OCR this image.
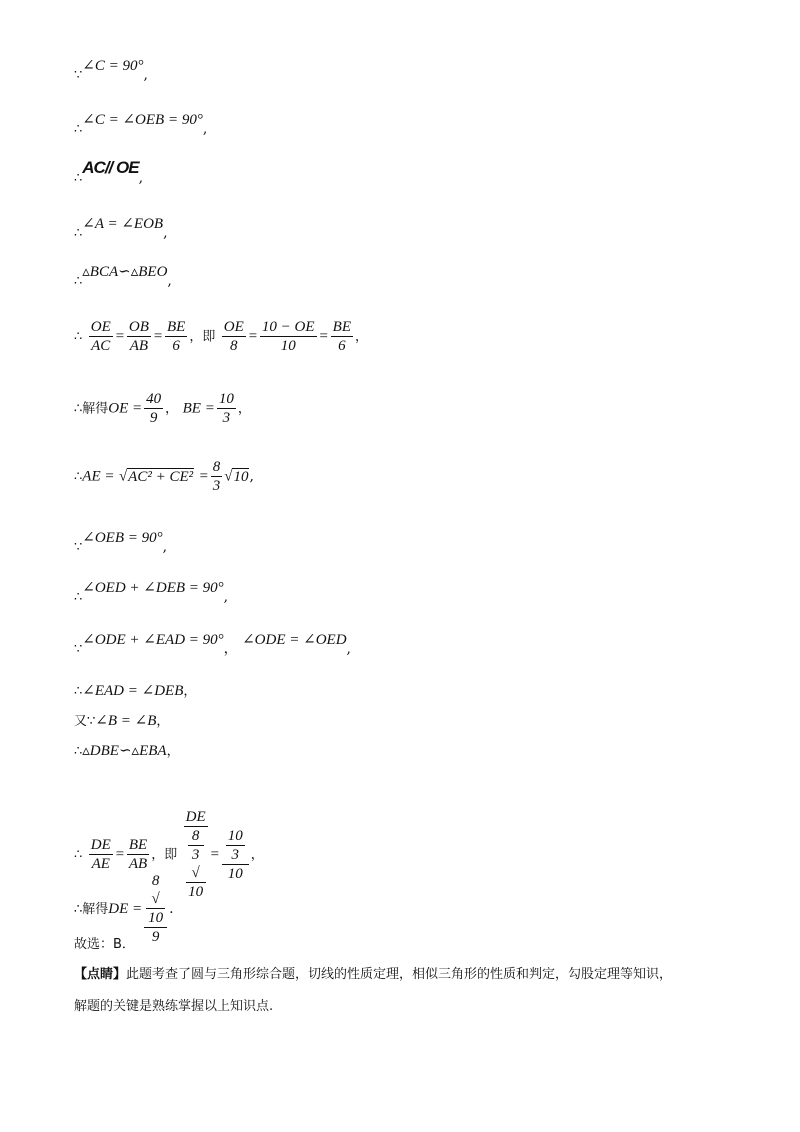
∵∠C = 90°,
∴∠C = ∠OEB = 90°,
∴AC// OE,
∴∠A = ∠EOB,
∴▵BCA∽▵BEO,
∴ $\frac{OE}{AC} = \frac{OB}{AB} = \frac{BE}{6}$ ，即 $\frac{OE}{8} = \frac{10 - OE}{10} = \frac{BE}{6}$ ，
∴解得OE = $\frac{40}{9}$ ， BE = $\frac{10}{3}$ ，
∴AE = $√AC^2 + CE^2 = \frac{8}{3} √10$,
∵∠OEB = 90°,
∴∠OED + ∠DEB = 90°,
∵∠ODE + ∠EAD = 90°， ∠ODE = ∠OED,
∴∠EAD = ∠DEB，
又∵∠B = ∠B，
∴▵DBE∽▵EBA，
∴ $\frac{DE}{AE} = \frac{BE}{AB}$ ，即 DE
8
3
√
10 = 10
3
10 ，
∴解得DE = 8
√
10
9 .
故选：B．
【点睛】此题考查了圆与三角形综合题，切线的性质定理，相似三角形的性质和判定，勾股定理等知识，
解题的关键是熟练掌握以上知识点.
